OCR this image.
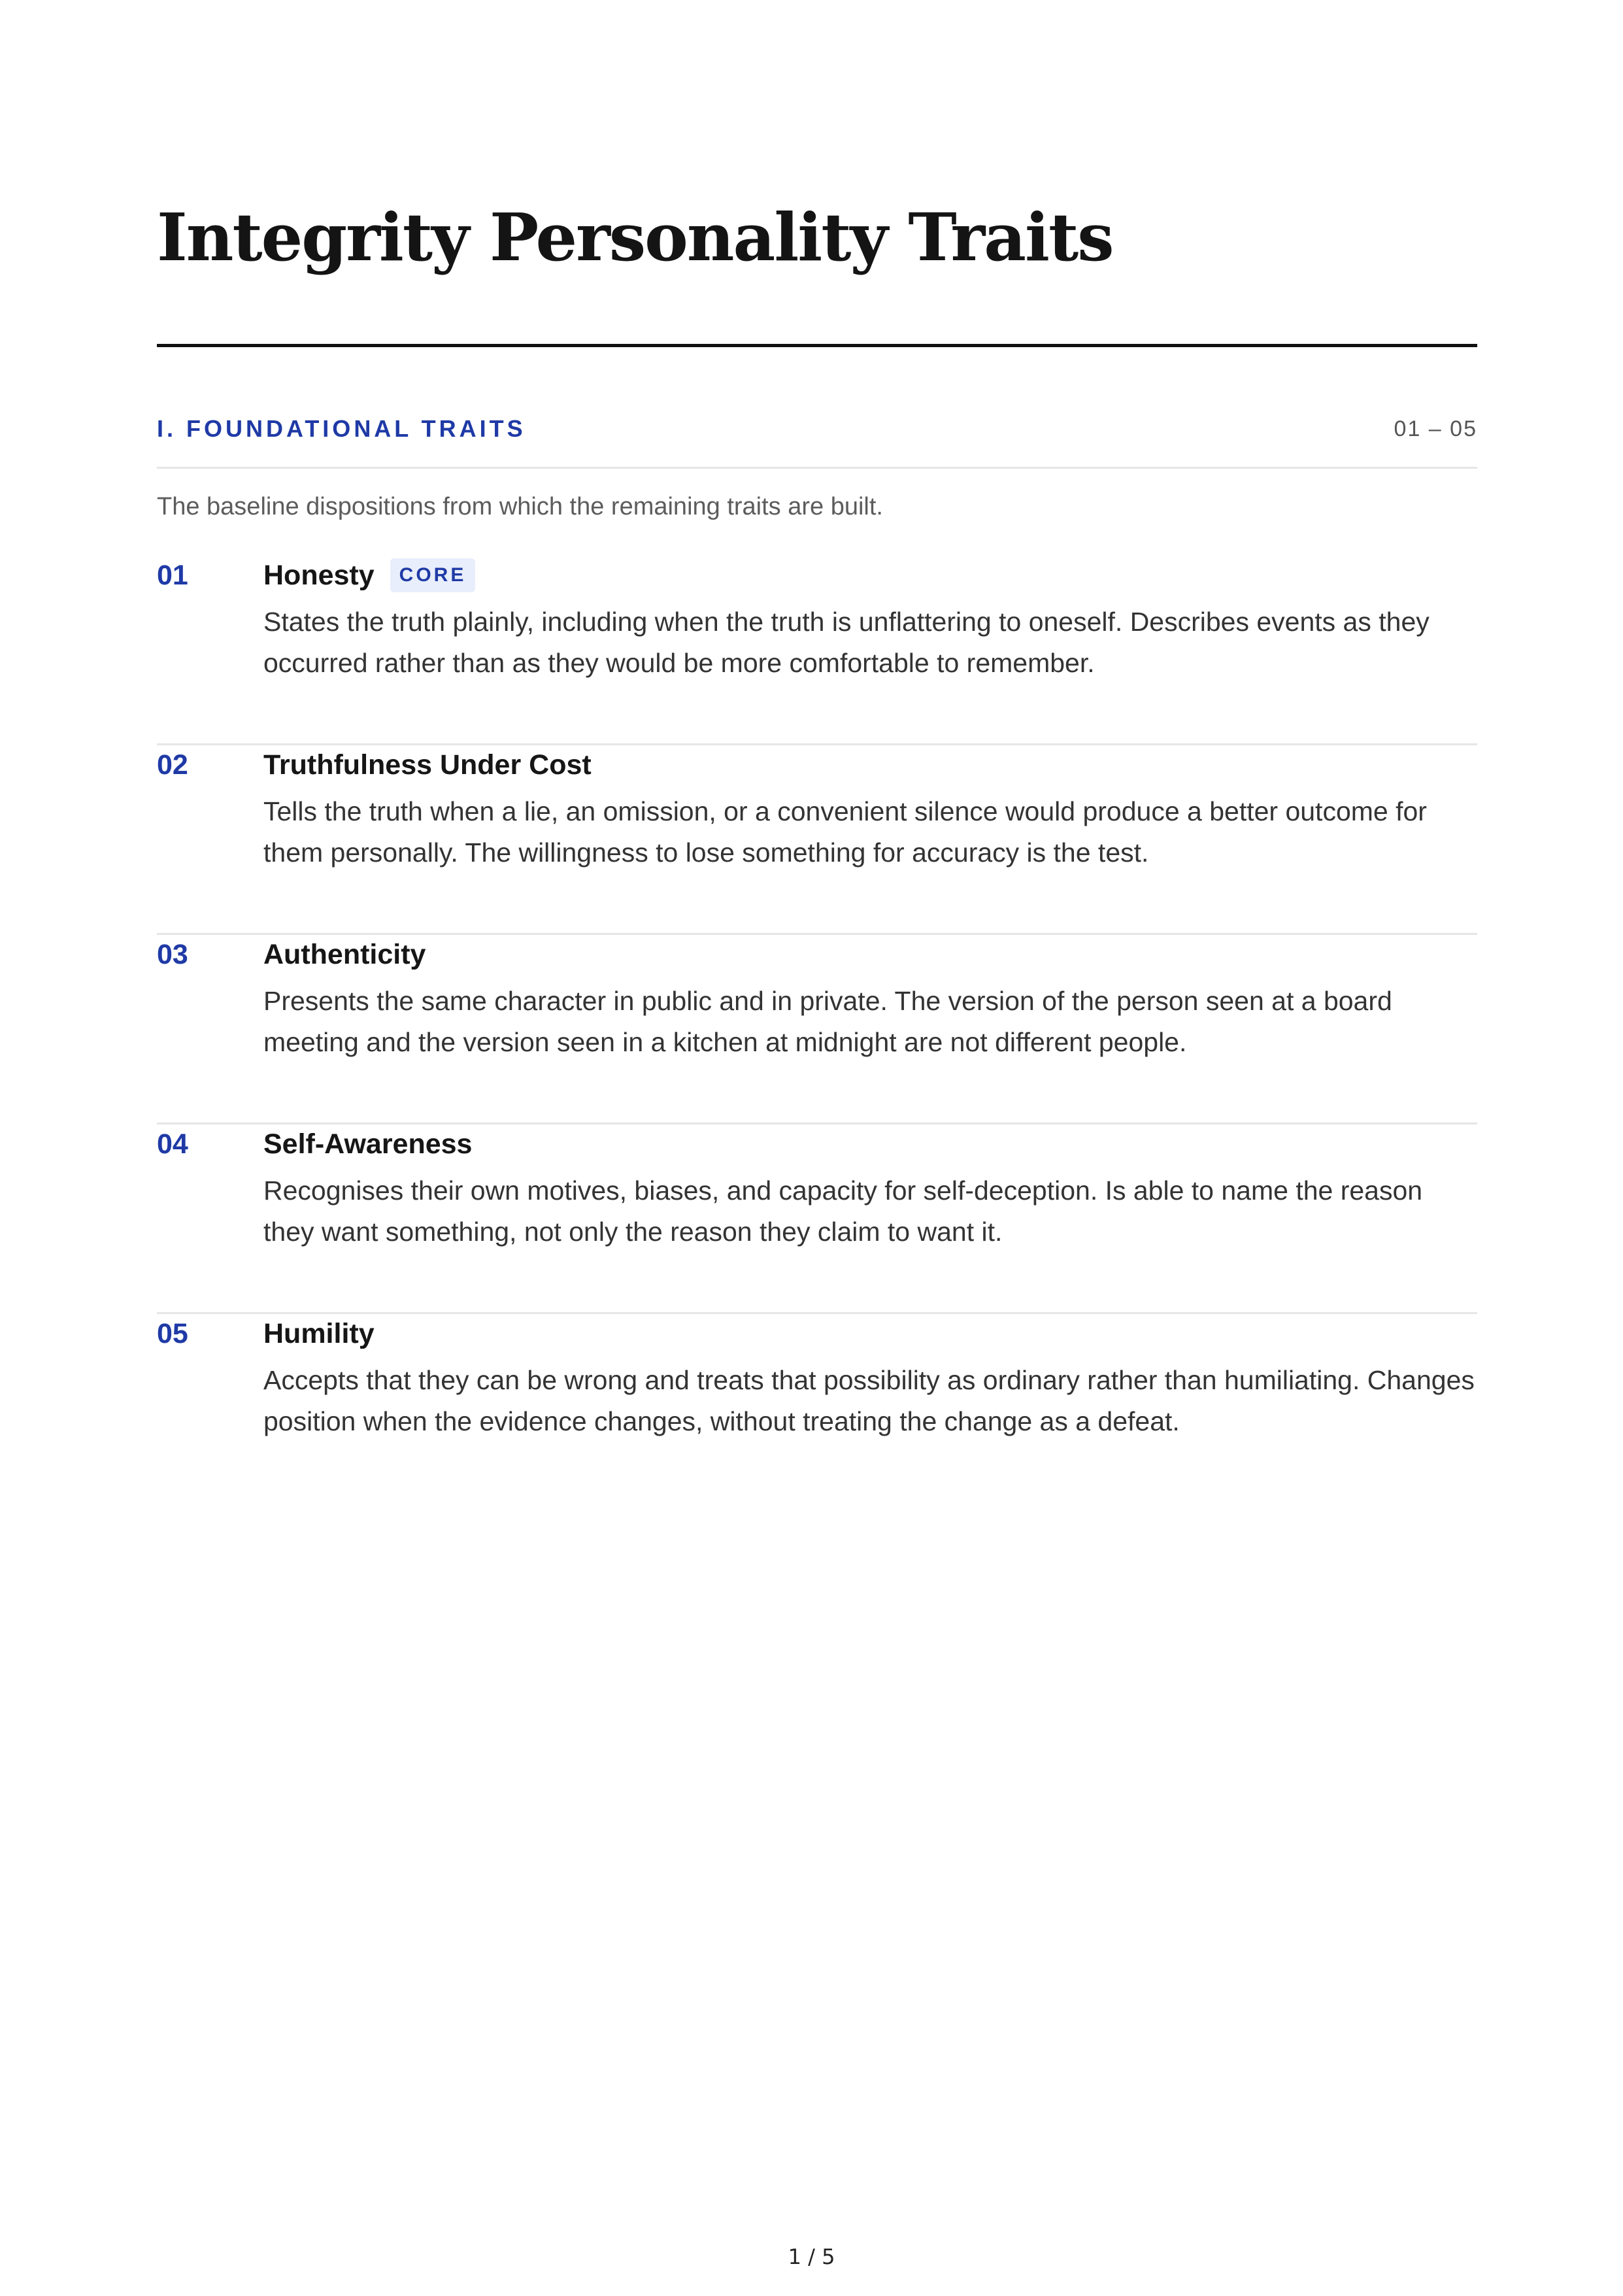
Integrity Personality Traits
I. FOUNDATIONAL TRAITS	01 – 05

The baseline dispositions from which the remaining traits are built.

01	Honesty	CORE

States the truth plainly, including when the truth is unflattering to oneself. Describes events as they occurred rather than as they would be more comfortable to remember.

02	Truthfulness Under Cost

Tells the truth when a lie, an omission, or a convenient silence would produce a better outcome for them personally. The willingness to lose something for accuracy is the test.

03	Authenticity

Presents the same character in public and in private. The version of the person seen at a board meeting and the version seen in a kitchen at midnight are not different people.

04	Self-Awareness

Recognises their own motives, biases, and capacity for self-deception. Is able to name the reason they want something, not only the reason they claim to want it.

05	Humility

Accepts that they can be wrong and treats that possibility as ordinary rather than humiliating. Changes position when the evidence changes, without treating the change as a defeat.

1 / 5
